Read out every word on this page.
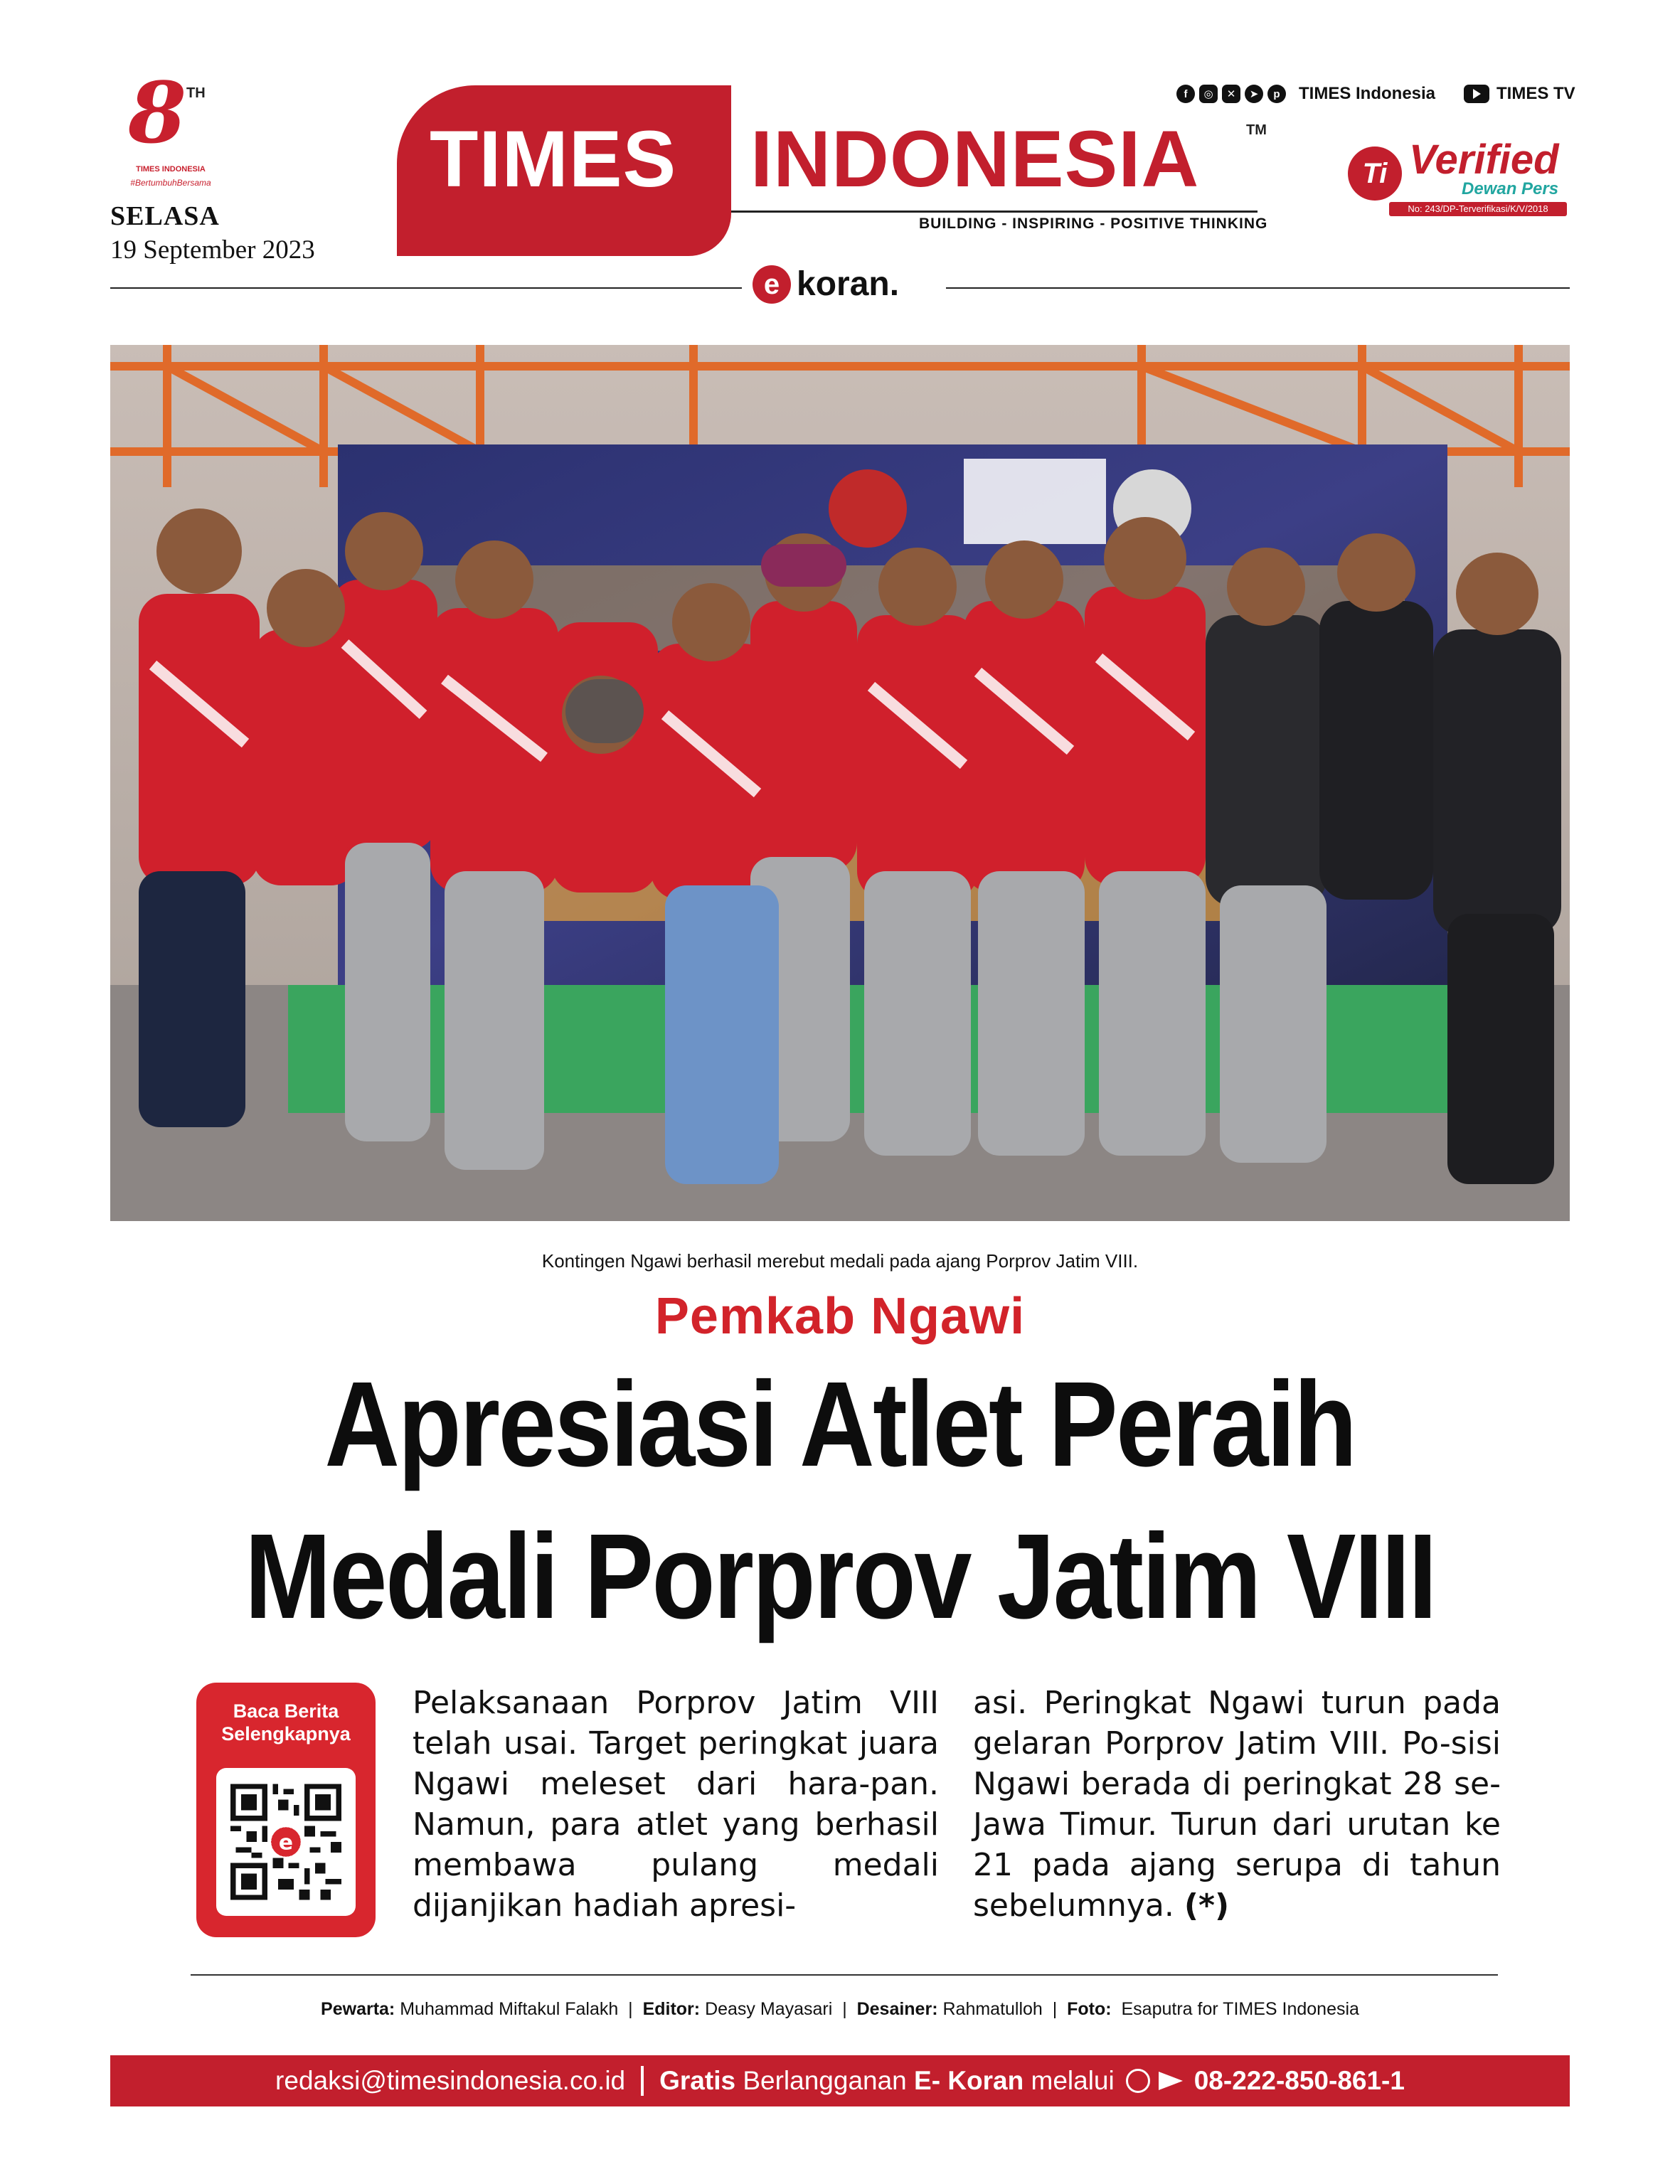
8 TH
TIMES INDONESIA
#BertumbuhBersama
SELASA
19 September 2023
TIMES INDONESIA	TM
BUILDING - INSPIRING - POSITIVE THINKING
f	◎	✕	➤	p	TIMES Indonesia	TIMES TV
Ti Verified
Dewan Pers
No: 243/DP-Terverifikasi/K/V/2018
e koran.
Kontingen Ngawi berhasil merebut medali pada ajang Porprov Jatim VIII.
Pemkab Ngawi
Apresiasi Atlet Peraih
Medali Porprov Jatim VIII
Baca Berita Selengkapnya
e
Pelaksanaan Porprov Jatim VIII telah usai. Target peringkat juara Ngawi meleset dari hara-pan. Namun, para atlet yang berhasil membawa pulang medali dijanjikan hadiah apresi-
asi. Peringkat Ngawi turun pada gelaran Porprov Jatim VIII. Po-sisi Ngawi berada di peringkat 28 se-Jawa Timur. Turun dari urutan ke 21 pada ajang serupa di tahun sebelumnya. (*)
Pewarta: Muhammad Miftakul Falakh  |  Editor: Deasy Mayasari  |  Desainer: Rahmatulloh  |  Foto: Esaputra for TIMES Indonesia
redaksi@timesindonesia.co.id Gratis
Berlangganan
E- Koran
melalui	08-222-850-861-1
